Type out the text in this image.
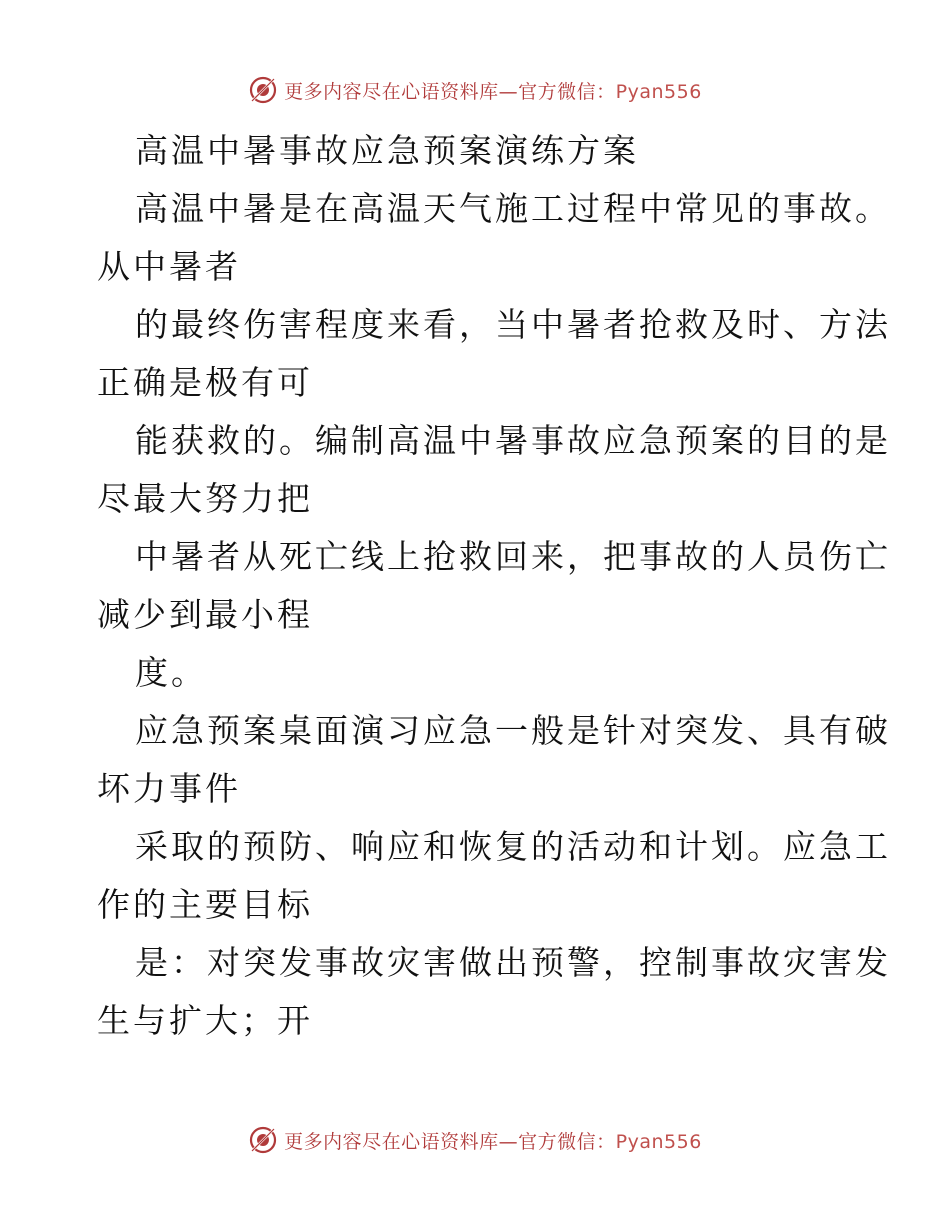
更多内容尽在心语资料库—官方微信：Pyan556
高温中暑事故应急预案演练方案
高温中暑是在高温天气施工过程中常见的事故。
从中暑者
的最终伤害程度来看，当中暑者抢救及时、方法
正确是极有可
能获救的。编制高温中暑事故应急预案的目的是
尽最大努力把
中暑者从死亡线上抢救回来，把事故的人员伤亡
减少到最小程
度。
应急预案桌面演习应急一般是针对突发、具有破
坏力事件
采取的预防、响应和恢复的活动和计划。应急工
作的主要目标
是：对突发事故灾害做出预警，控制事故灾害发
生与扩大；开
更多内容尽在心语资料库—官方微信：Pyan556
